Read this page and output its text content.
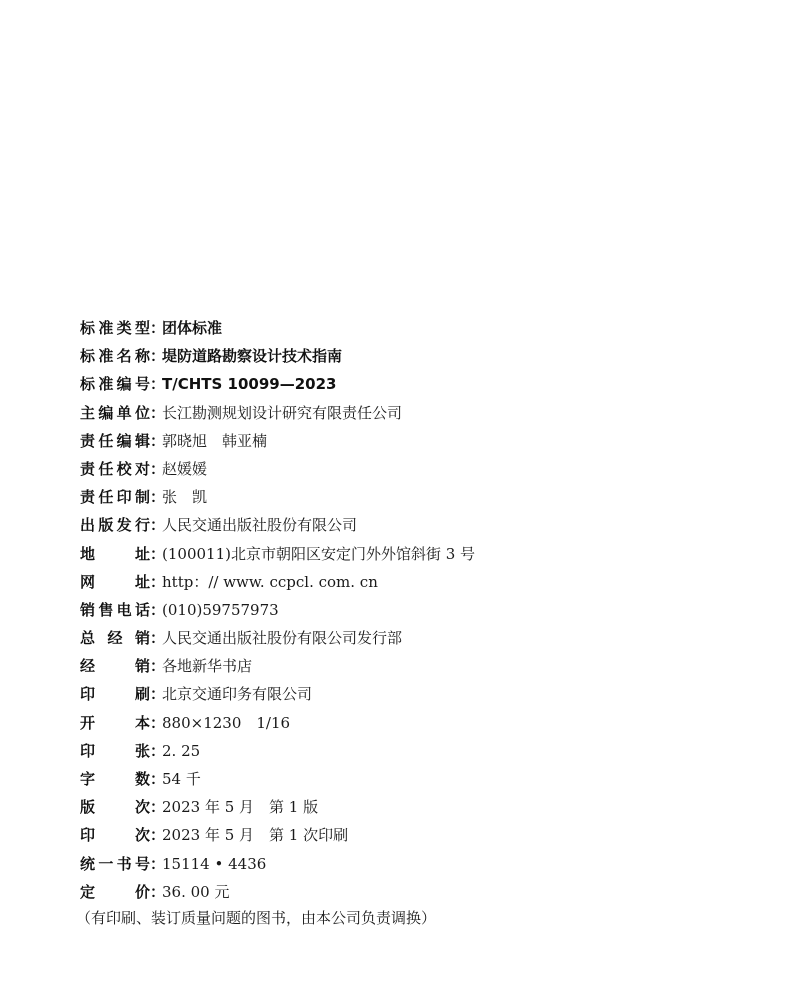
标准类型 ：
团体标准
标准名称 ：
堤防道路勘察设计技术指南
标准编号 ：
T/CHTS 10099—2023
主编单位 ：
长江勘测规划设计研究有限责任公司
责任编辑 ：
郭晓旭　韩亚楠
责任校对 ：
赵媛媛
责任印制 ：
张　凯
出版发行 ：
人民交通出版社股份有限公司
地址 ：
(100011)北京市朝阳区安定门外外馆斜街 3 号
网址 ：
http：// www. ccpcl. com. cn
销售电话 ：
(010)59757973
总经销 ：
人民交通出版社股份有限公司发行部
经销 ：
各地新华书店
印刷 ：
北京交通印务有限公司
开本 ：
880×1230　1/16
印张 ：
2. 25
字数 ：
54 千
版次 ：
2023 年 5 月　第 1 版
印次 ：
2023 年 5 月　第 1 次印刷
统一书号 ：
15114 • 4436
定价 ：
36. 00 元
（有印刷、装订质量问题的图书，由本公司负责调换）
